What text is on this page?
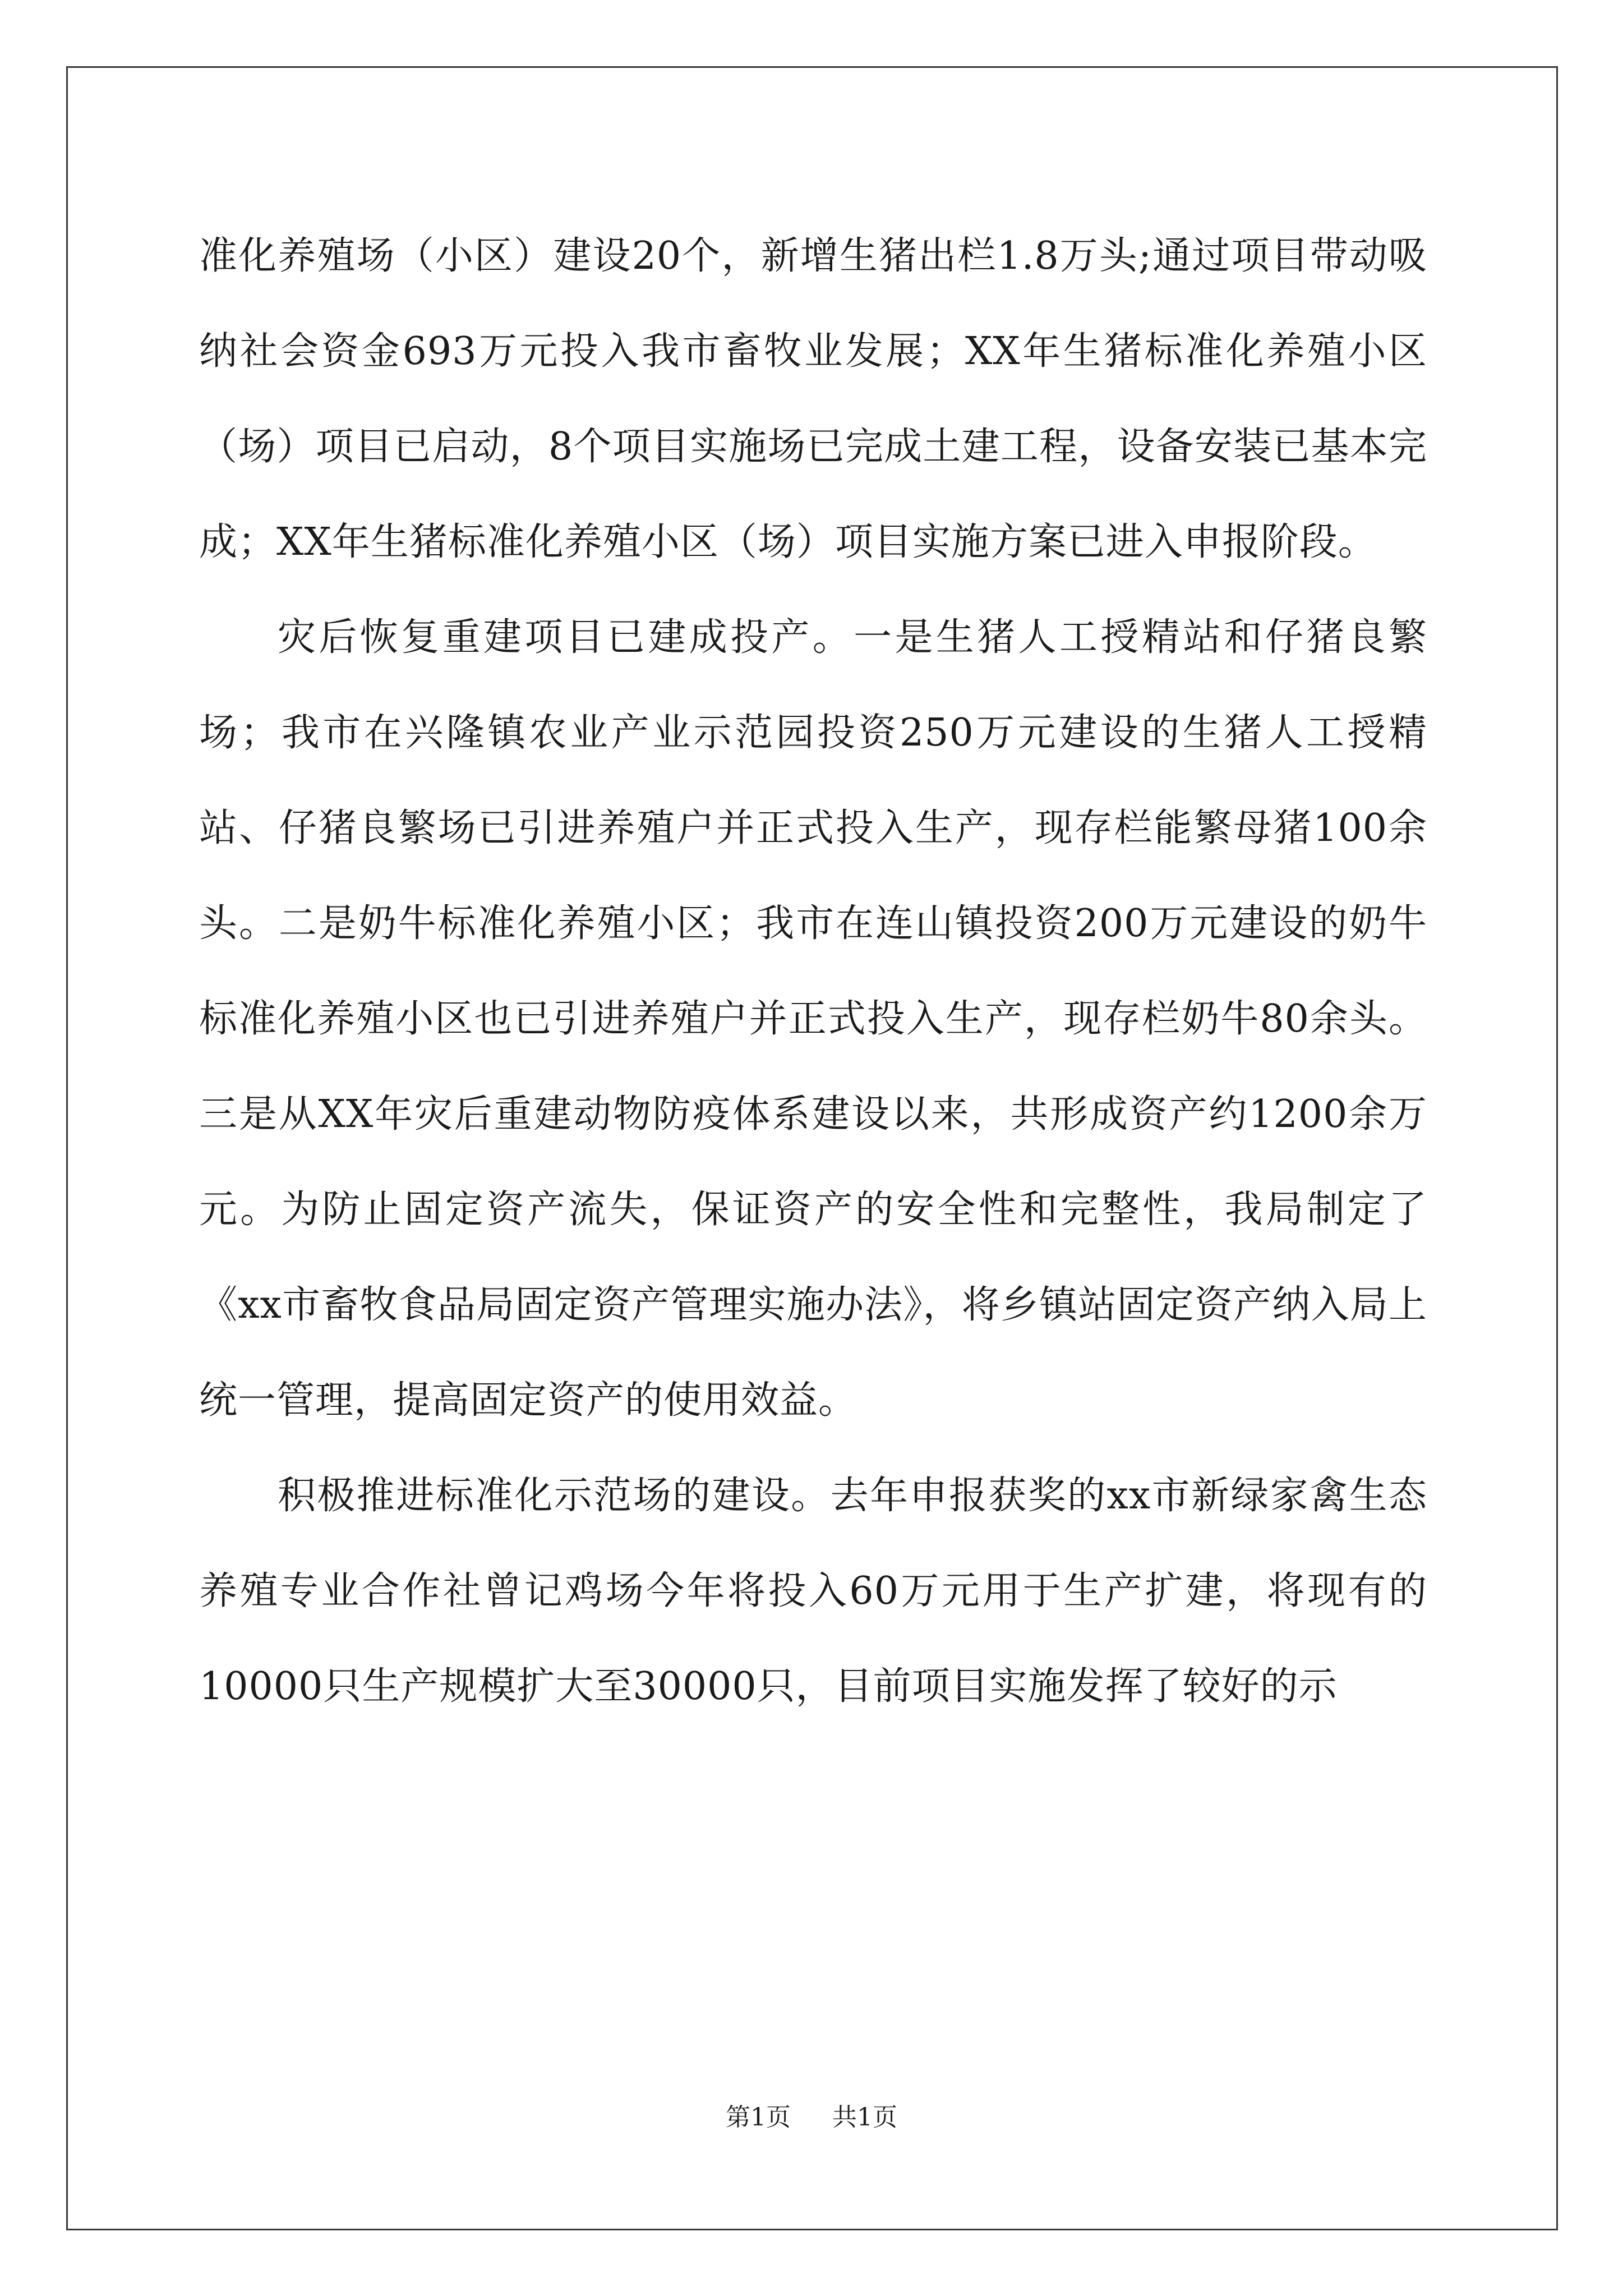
准化养殖场（小区）建设20个，新增生猪出栏1.8万头;通过项目带动吸纳社会资金693万元投入我市畜牧业发展；XX年生猪标准化养殖小区（场）项目已启动，8个项目实施场已完成土建工程，设备安装已基本完成；XX年生猪标准化养殖小区（场）项目实施方案已进入申报阶段。

灾后恢复重建项目已建成投产。一是生猪人工授精站和仔猪良繁场；我市在兴隆镇农业产业示范园投资250万元建设的生猪人工授精站、仔猪良繁场已引进养殖户并正式投入生产，现存栏能繁母猪100余头。二是奶牛标准化养殖小区；我市在连山镇投资200万元建设的奶牛标准化养殖小区也已引进养殖户并正式投入生产，现存栏奶牛80余头。三是从XX年灾后重建动物防疫体系建设以来，共形成资产约1200余万元。为防止固定资产流失，保证资产的安全性和完整性，我局制定了《xx市畜牧食品局固定资产管理实施办法》，将乡镇站固定资产纳入局上统一管理，提高固定资产的使用效益。

积极推进标准化示范场的建设。去年申报获奖的xx市新绿家禽生态养殖专业合作社曾记鸡场今年将投入60万元用于生产扩建，将现有的10000只生产规模扩大至30000只，目前项目实施发挥了较好的示

第1页 共1页
